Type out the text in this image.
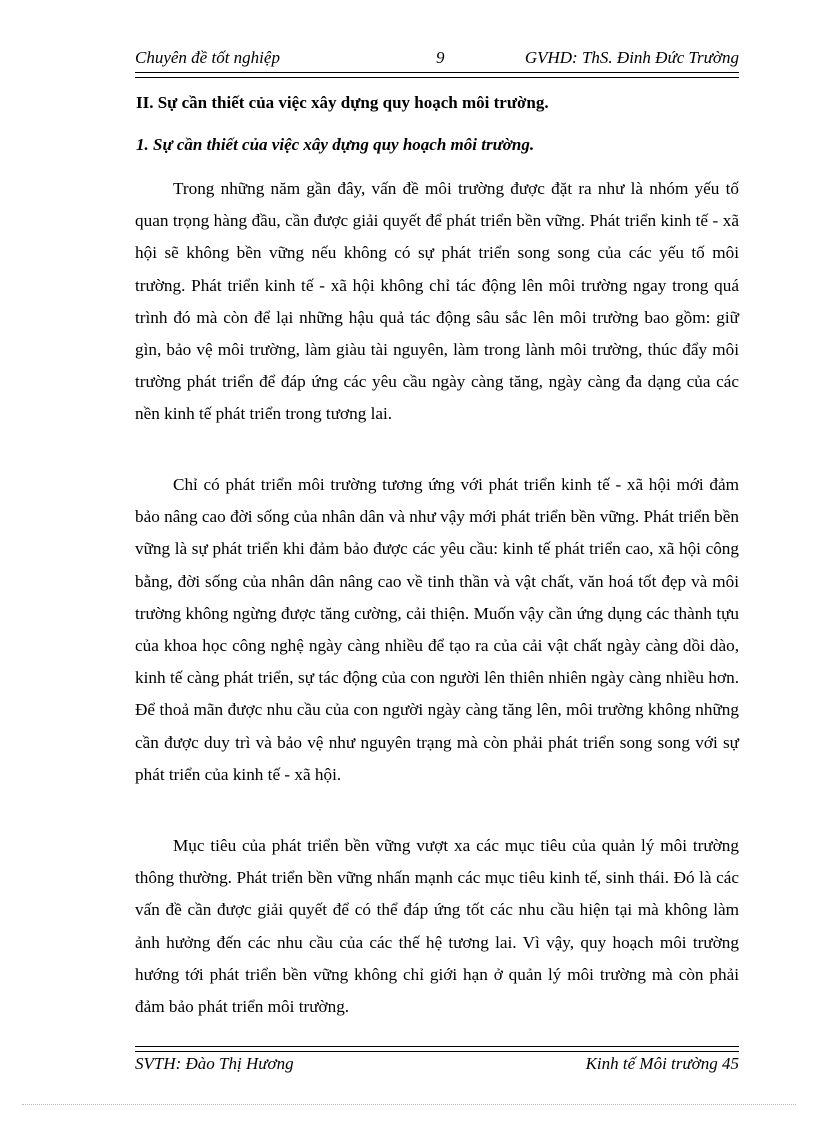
Chuyên đề tốt nghiệp	9	GVHD: ThS. Đinh Đức Trường
II. Sự cần thiết của việc xây dựng quy hoạch môi trường.
1. Sự cần thiết của việc xây dựng quy hoạch môi trường.

Trong những năm gần đây, vấn đề môi trường được đặt ra như là nhóm yếu tố quan trọng hàng đầu, cần được giải quyết để phát triển bền vững. Phát triển kinh tế - xã hội sẽ không bền vững nếu không có sự phát triển song song của các yếu tố môi trường. Phát triển kinh tế - xã hội không chỉ tác động lên môi trường ngay trong quá trình đó mà còn để lại những hậu quả tác động sâu sắc lên môi trường bao gồm: giữ gìn, bảo vệ môi trường, làm giàu tài nguyên, làm trong lành môi trường, thúc đẩy môi trường phát triển để đáp ứng các yêu cầu ngày càng tăng, ngày càng đa dạng của các nền kinh tế phát triển trong tương lai.

Chỉ có phát triển môi trường tương ứng với phát triển kinh tế - xã hội mới đảm bảo nâng cao đời sống của nhân dân và như vậy mới phát triển bền vững. Phát triển bền vững là sự phát triển khi đảm bảo được các yêu cầu: kinh tế phát triển cao, xã hội công bằng, đời sống của nhân dân nâng cao về tinh thần và vật chất, văn hoá tốt đẹp và môi trường không ngừng được tăng cường, cải thiện. Muốn vậy cần ứng dụng các thành tựu của khoa học công nghệ ngày càng nhiều để tạo ra của cải vật chất ngày càng dồi dào, kinh tế càng phát triển, sự tác động của con người lên thiên nhiên ngày càng nhiều hơn. Để thoả mãn được nhu cầu của con người ngày càng tăng lên, môi trường không những cần được duy trì và bảo vệ như nguyên trạng mà còn phải phát triển song song với sự phát triển của kinh tế - xã hội.

Mục tiêu của phát triển bền vững vượt xa các mục tiêu của quản lý môi trường thông thường. Phát triển bền vững nhấn mạnh các mục tiêu kinh tế, sinh thái. Đó là các vấn đề cần được giải quyết để có thể đáp ứng tốt các nhu cầu hiện tại mà không làm ảnh hưởng đến các nhu cầu của các thế hệ tương lai. Vì vậy, quy hoạch môi trường hướng tới phát triển bền vững không chỉ giới hạn ở quản lý môi trường mà còn phải đảm bảo phát triển môi trường.

SVTH: Đào Thị Hương	Kinh tế Môi trường 45
